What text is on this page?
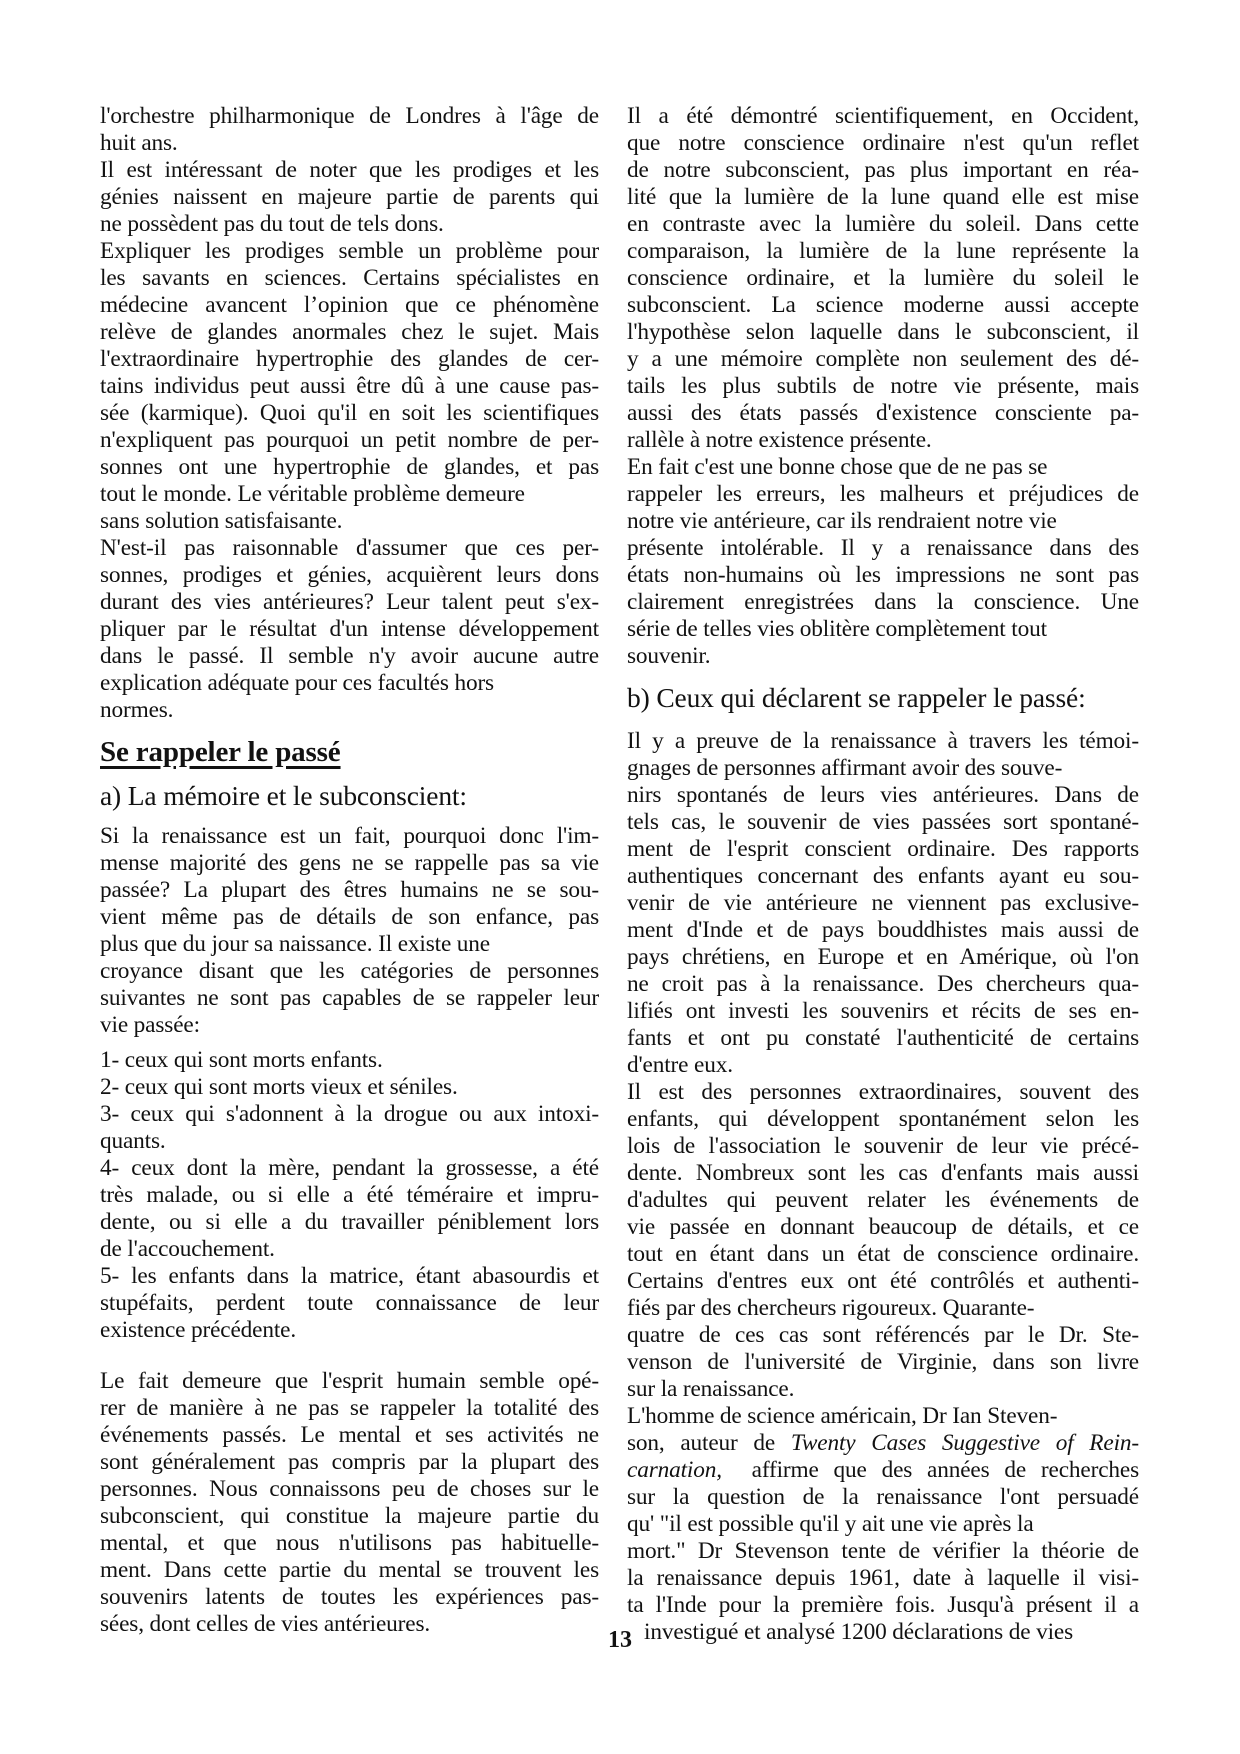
l'orchestre philharmonique de Londres à l'âge de
huit ans.
Il est intéressant de noter que les prodiges et les
génies naissent en majeure partie de parents qui
ne possèdent pas du tout de tels dons.
Expliquer les prodiges semble un problème pour
les savants en sciences. Certains spécialistes en
médecine avancent l’opinion que ce phénomène
relève de glandes anormales chez le sujet. Mais
l'extraordinaire hypertrophie des glandes de cer-
tains individus peut aussi être dû à une cause pas-
sée (karmique). Quoi qu'il en soit les scientifiques
n'expliquent pas pourquoi un petit nombre de per-
sonnes ont une hypertrophie de glandes, et pas
tout le monde. Le véritable problème demeure
sans solution satisfaisante.
N'est-il pas raisonnable d'assumer que ces per-
sonnes, prodiges et génies, acquièrent leurs dons
durant des vies antérieures? Leur talent peut s'ex-
pliquer par le résultat d'un intense développement
dans le passé. Il semble n'y avoir aucune autre
explication adéquate pour ces facultés hors
normes.
Se rappeler le passé
a) La mémoire et le subconscient:
Si la renaissance est un fait, pourquoi donc l'im-
mense majorité des gens ne se rappelle pas sa vie
passée? La plupart des êtres humains ne se sou-
vient même pas de détails de son enfance, pas
plus que du jour sa naissance. Il existe une
croyance disant que les catégories de personnes
suivantes ne sont pas capables de se rappeler leur
vie passée:
1- ceux qui sont morts enfants.
2- ceux qui sont morts vieux et séniles.
3- ceux qui s'adonnent à la drogue ou aux intoxi-
quants.
4- ceux dont la mère, pendant la grossesse, a été
très malade, ou si elle a été téméraire et impru-
dente, ou si elle a du travailler péniblement lors
de l'accouchement.
5- les enfants dans la matrice, étant abasourdis et
stupéfaits, perdent toute connaissance de leur
existence précédente.
Le fait demeure que l'esprit humain semble opé-
rer de manière à ne pas se rappeler la totalité des
événements passés. Le mental et ses activités ne
sont généralement pas compris par la plupart des
personnes. Nous connaissons peu de choses sur le
subconscient, qui constitue la majeure partie du
mental, et que nous n'utilisons pas habituelle-
ment. Dans cette partie du mental se trouvent les
souvenirs latents de toutes les expériences pas-
sées, dont celles de vies antérieures.
Il a été démontré scientifiquement, en Occident,
que notre conscience ordinaire n'est qu'un reflet
de notre subconscient, pas plus important en réa-
lité que la lumière de la lune quand elle est mise
en contraste avec la lumière du soleil. Dans cette
comparaison, la lumière de la lune représente la
conscience ordinaire, et la lumière du soleil le
subconscient. La science moderne aussi accepte
l'hypothèse selon laquelle dans le subconscient, il
y a une mémoire complète non seulement des dé-
tails les plus subtils de notre vie présente, mais
aussi des états passés d'existence consciente pa-
rallèle à notre existence présente.
En fait c'est une bonne chose que de ne pas se
rappeler les erreurs, les malheurs et préjudices de
notre vie antérieure, car ils rendraient notre vie
présente intolérable. Il y a renaissance dans des
états non-humains où les impressions ne sont pas
clairement enregistrées dans la conscience. Une
série de telles vies oblitère complètement tout
souvenir.
b) Ceux qui déclarent se rappeler le passé:
Il y a preuve de la renaissance à travers les témoi-
gnages de personnes affirmant avoir des souve-
nirs spontanés de leurs vies antérieures. Dans de
tels cas, le souvenir de vies passées sort spontané-
ment de l'esprit conscient ordinaire. Des rapports
authentiques concernant des enfants ayant eu sou-
venir de vie antérieure ne viennent pas exclusive-
ment d'Inde et de pays bouddhistes mais aussi de
pays chrétiens, en Europe et en Amérique, où l'on
ne croit pas à la renaissance. Des chercheurs qua-
lifiés ont investi les souvenirs et récits de ses en-
fants et ont pu constaté l'authenticité de certains
d'entre eux.
Il est des personnes extraordinaires, souvent des
enfants, qui développent spontanément selon les
lois de l'association le souvenir de leur vie précé-
dente. Nombreux sont les cas d'enfants mais aussi
d'adultes qui peuvent relater les événements de
vie passée en donnant beaucoup de détails, et ce
tout en étant dans un état de conscience ordinaire.
Certains d'entres eux ont été contrôlés et authenti-
fiés par des chercheurs rigoureux. Quarante-
quatre de ces cas sont référencés par le Dr. Ste-
venson de l'université de Virginie, dans son livre
sur la renaissance.
L'homme de science américain, Dr Ian Steven-
son, auteur de Twenty Cases Suggestive of Rein-
carnation,  affirme que des années de recherches
sur la question de la renaissance l'ont persuadé
qu' "il est possible qu'il y ait une vie après la
mort." Dr Stevenson tente de vérifier la théorie de
la renaissance depuis 1961, date à laquelle il visi-
ta l'Inde pour la première fois. Jusqu'à présent il a
investigué et analysé 1200 déclarations de vies
13
